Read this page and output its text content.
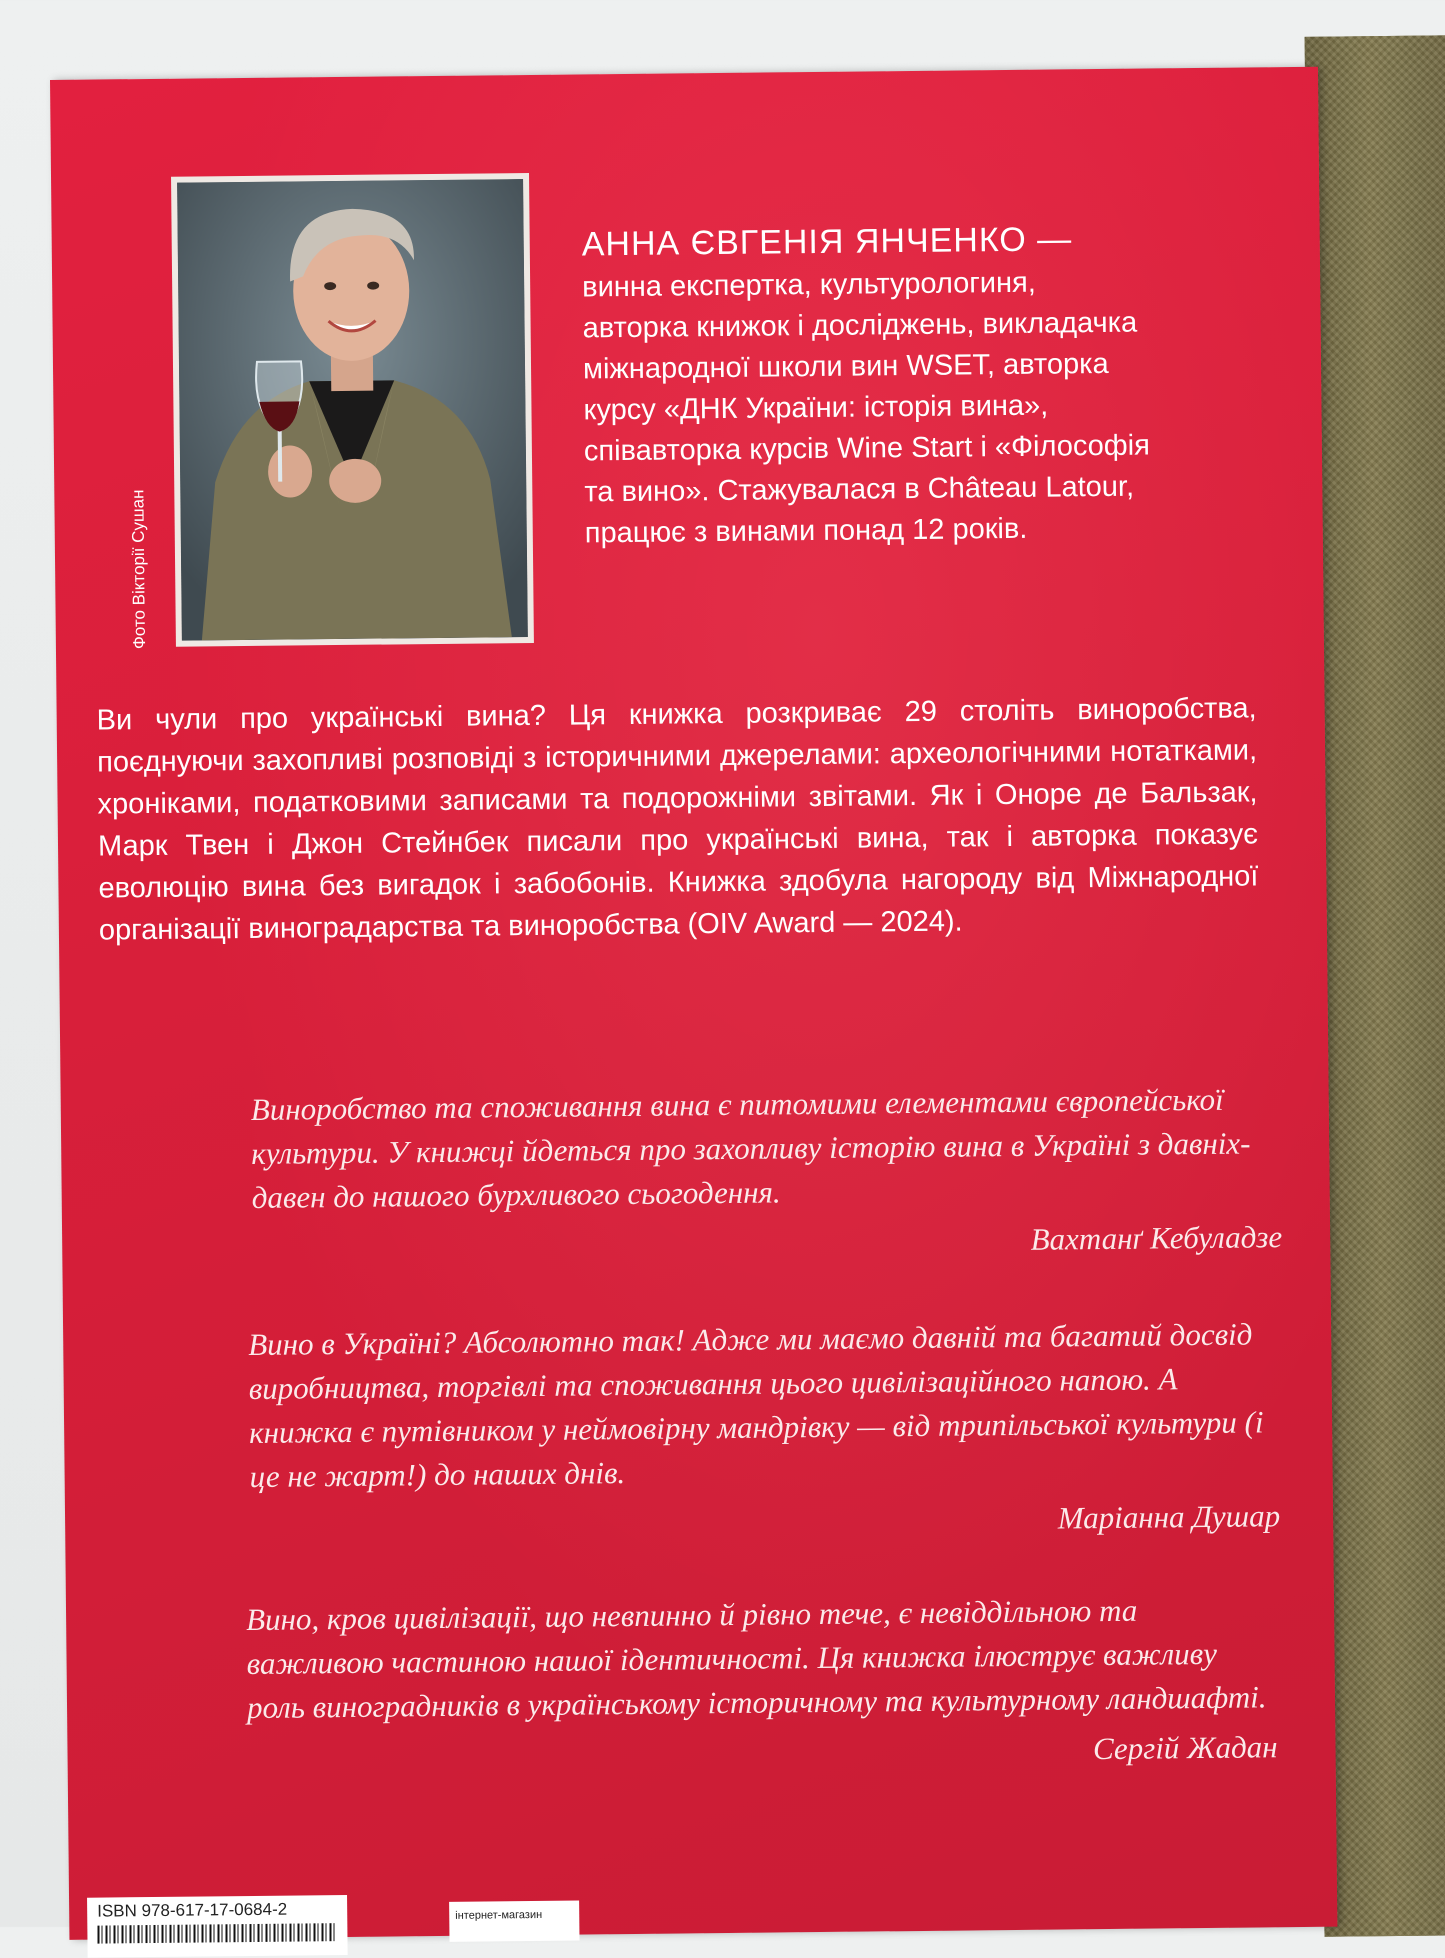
Фото Вікторії Сушан
АННА ЄВГЕНІЯ ЯНЧЕНКО —
винна експертка, культурологиня,
авторка книжок і досліджень, викладачка
міжнародної школи вин WSET, авторка
курсу «ДНК України: історія вина»,
співавторка курсів Wine Start і «Філософія
та вино». Стажувалася в Château Latour,
працює з винами понад 12 років.
Ви чули про українські вина? Ця книжка розкриває 29 століть виноробства, поєднуючи захопливі розповіді з історичними джерелами: археологічними нотатками, хроніками, податковими записами та подорожніми звітами. Як і Оноре де Бальзак, Марк Твен і Джон Стейнбек писали про українські вина, так і авторка показує еволюцію вина без вигадок і забобонів. Книжка здобула нагороду від Міжнародної організації виноградарства та виноробства (OIV Award — 2024).
Виноробство та споживання вина є питомими елементами європейської культури. У книжці йдеться про захопливу історію вина в Україні з давніх-давен до нашого бурхливого сьогодення.
Вахтанґ Кебуладзе
Вино в Україні? Абсолютно так! Адже ми маємо давній та багатий досвід виробництва, торгівлі та споживання цього цивілізаційного напою. А книжка є путівником у неймовірну мандрівку — від трипільської культури (і це не жарт!) до наших днів.
Маріанна Душар
Вино, кров цивілізації, що невпинно й рівно тече, є невіддільною та важливою частиною нашої ідентичності. Ця книжка ілюструє важливу роль виноградників в українському історичному та культурному ландшафті.
Сергій Жадан
ISBN 978-617-17-0684-2	інтернет-магазин
